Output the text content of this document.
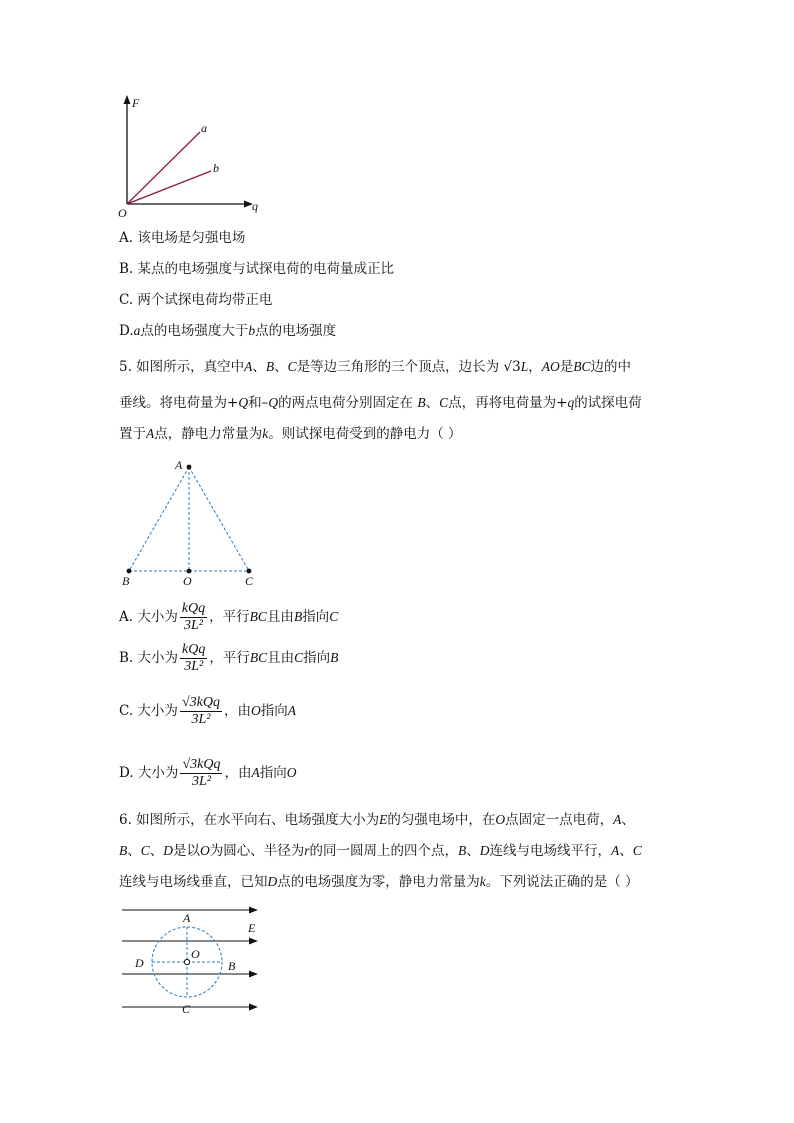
F
q
O
a
b
A. 该电场是匀强电场
B. 某点的电场强度与试探电荷的电荷量成正比
C. 两个试探电荷均带正电
D.a点的电场强度大于b点的电场强度
5. 如图所示，真空中A、B、C是等边三角形的三个顶点，边长为 √3L，AO是BC边的中
垂线。将电荷量为+Q和–Q的两点电荷分别固定在 B、C点，再将电荷量为+q的试探电荷
置于A点，静电力常量为k。则试探电荷受到的静电力（ ）
A
B	O	C
A. 大小为 $\frac{\text{kQq}}{\text{3L²}}$ ，平行BC且由B指向C
B. 大小为 $\frac{\text{kQq}}{\text{3L²}}$ ，平行BC且由C指向B
C. 大小为 $\frac{\text{√3kQq}}{\text{3L²}}$ ，由O指向A
D. 大小为 $\frac{\text{√3kQq}}{\text{3L²}}$ ，由A指向O
6. 如图所示，在水平向右、电场强度大小为E的匀强电场中，在O点固定一点电荷，A、
B、C、D是以O为圆心、半径为r的同一圆周上的四个点，B、D连线与电场线平行，A、C
连线与电场线垂直，已知D点的电场强度为零，静电力常量为k。下列说法正确的是（ ）
A
E
O
D	B
C
